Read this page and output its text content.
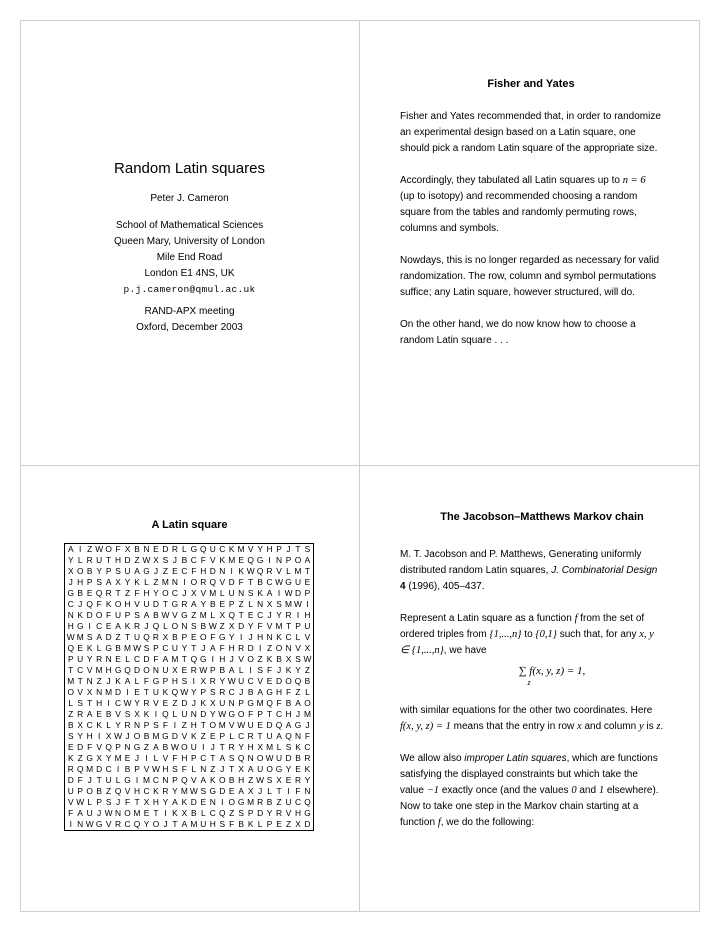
Random Latin squares
Peter J. Cameron
School of Mathematical Sciences
Queen Mary, University of London
Mile End Road
London E1 4NS, UK
p.j.cameron@qmul.ac.uk
RAND-APX meeting
Oxford, December 2003
Fisher and Yates

Fisher and Yates recommended that, in order to randomize an experimental design based on a Latin square, one should pick a random Latin square of the appropriate size.

Accordingly, they tabulated all Latin squares up to n = 6 (up to isotopy) and recommended choosing a random square from the tables and randomly permuting rows, columns and symbols.

Nowdays, this is no longer regarded as necessary for valid randomization. The row, column and symbol permutations suffice; any Latin square, however structured, will do.

On the other hand, we do now know how to choose a random Latin square . . .

A Latin square
A I Z W O F X B N E D R L G Q U C K M V Y H P J T S
Y L R U T H D Z W X S J B C F V K M E Q G I N P O A
X O B Y P S U A G J Z E C F H D N I K W Q R V L M T
J H P S A X Y K L Z M N I O R Q V D F T B C W G U E
G B E Q R T Z F H Y O C J X V M L U N S K A I W D P
C J Q F K O H V U D T G R A Y B E P Z L N X S M W I
N K D O F U P S A B W V G Z M L X Q T E C J Y R I H
H G I C E A K R J Q L O N S B W Z X D Y F V M T P U
W M S A D Z T U Q R X B P E O F G Y I J H N K C L V
Q E K L G B M W S P C U Y T J A F H R D I Z O N V X
P U Y R N E L C D F A M T Q G I H J V O Z K B X S W
T C V M H G Q D O N U X E R W P B A L I S F J K Y Z
M T N Z J K A L F G P H S I X R Y W U C V E D O Q B
O V X N M D I E T U K Q W Y P S R C J B A G H F Z L
L S T H I C W Y R V E Z D J K X U N P G M Q F B A O
Z R A E B V S X K I Q L U N D Y W G O F P T C H J M
B X C K L Y R N P S F I Z H T O M V W U E D Q A G J
S Y H I X W J O B M G D V K Z E P L C R T U A Q N F
E D F V Q P N G Z A B W O U I J T R Y H X M L S K C
K Z G X Y M E J I L V F H P C T A S Q N O W U D B R
R Q M D C I B P V W H S F L N Z J T X A U O G Y E K
D F J T U L G I M C N P Q V A K O B H Z W S X E R Y
U P O B Z Q V H C K R Y M W S G D E A X J L T I F N
V W L P S J F T X H Y A K D E N I O G M R B Z U C Q
F A U J W N O M E T I K X B L C Q Z S P D Y R V H G
I N W G V R C Q Y O J T A M U H S F B K L P E Z X D
The Jacobson–Matthews Markov chain

M. T. Jacobson and P. Matthews, Generating uniformly distributed random Latin squares, J. Combinatorial Design 4 (1996), 405–437.

Represent a Latin square as a function f from the set of ordered triples from {1,...,n} to {0,1} such that, for any x, y ∈ {1,...,n}, we have

∑ f(x, y, z) = 1,
z

with similar equations for the other two coordinates. Here f(x, y, z) = 1 means that the entry in row x and column y is z.

We allow also improper Latin squares, which are functions satisfying the displayed constraints but which take the value −1 exactly once (and the values 0 and 1 elsewhere). Now to take one step in the Markov chain starting at a function f, we do the following:
